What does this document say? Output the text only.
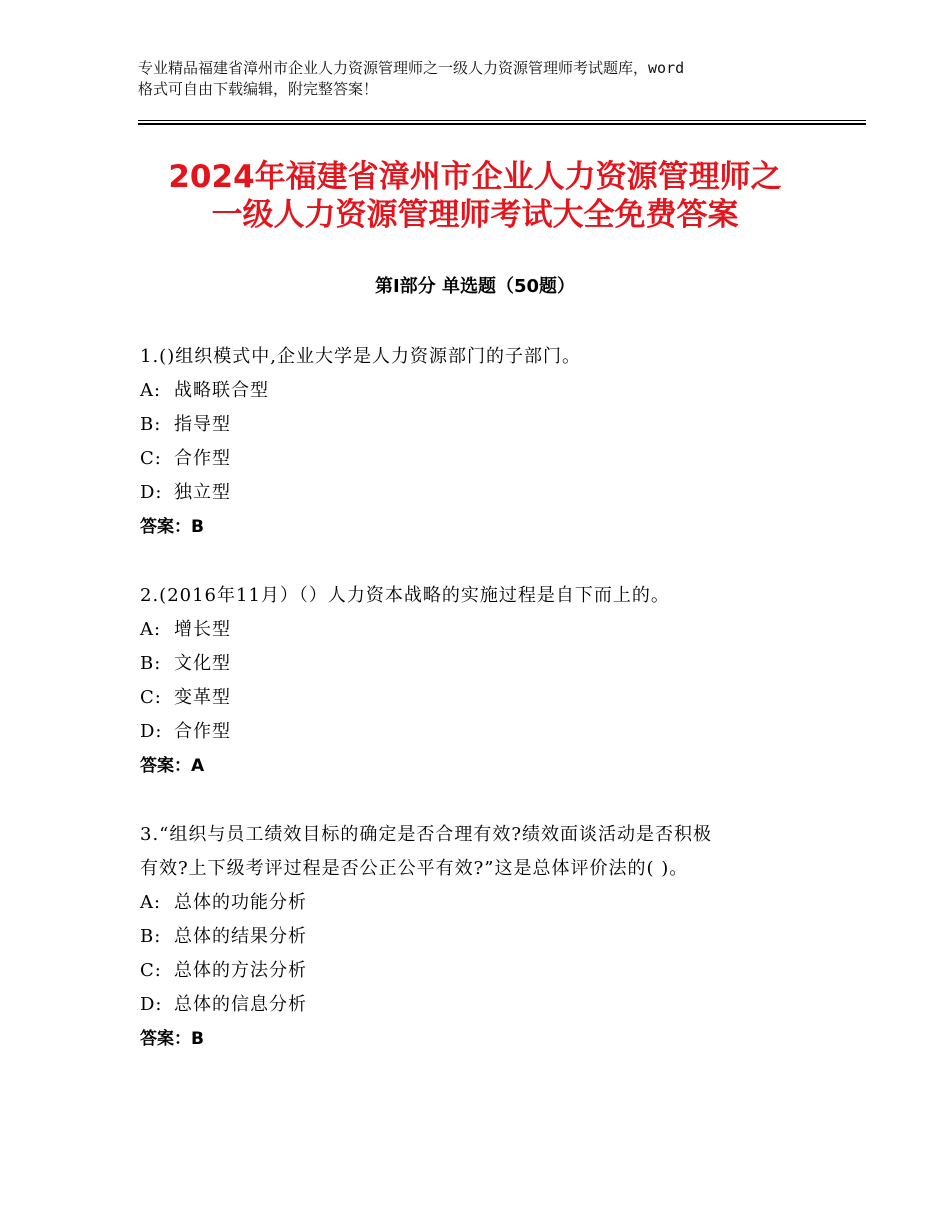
专业精品福建省漳州市企业人力资源管理师之一级人力资源管理师考试题库，word
格式可自由下载编辑，附完整答案！
2024年福建省漳州市企业人力资源管理师之
一级人力资源管理师考试大全免费答案
第Ⅰ部分 单选题（50题）
1.()组织模式中,企业大学是人力资源部门的子部门。
A: 战略联合型
B: 指导型
C: 合作型
D: 独立型
答案：B
2.(2016年11月）（）人力资本战略的实施过程是自下而上的。
A: 增长型
B: 文化型
C: 变革型
D: 合作型
答案：A
3.“组织与员工绩效目标的确定是否合理有效?绩效面谈活动是否积极
有效?上下级考评过程是否公正公平有效?”这是总体评价法的( )。
A: 总体的功能分析
B: 总体的结果分析
C: 总体的方法分析
D: 总体的信息分析
答案：B
